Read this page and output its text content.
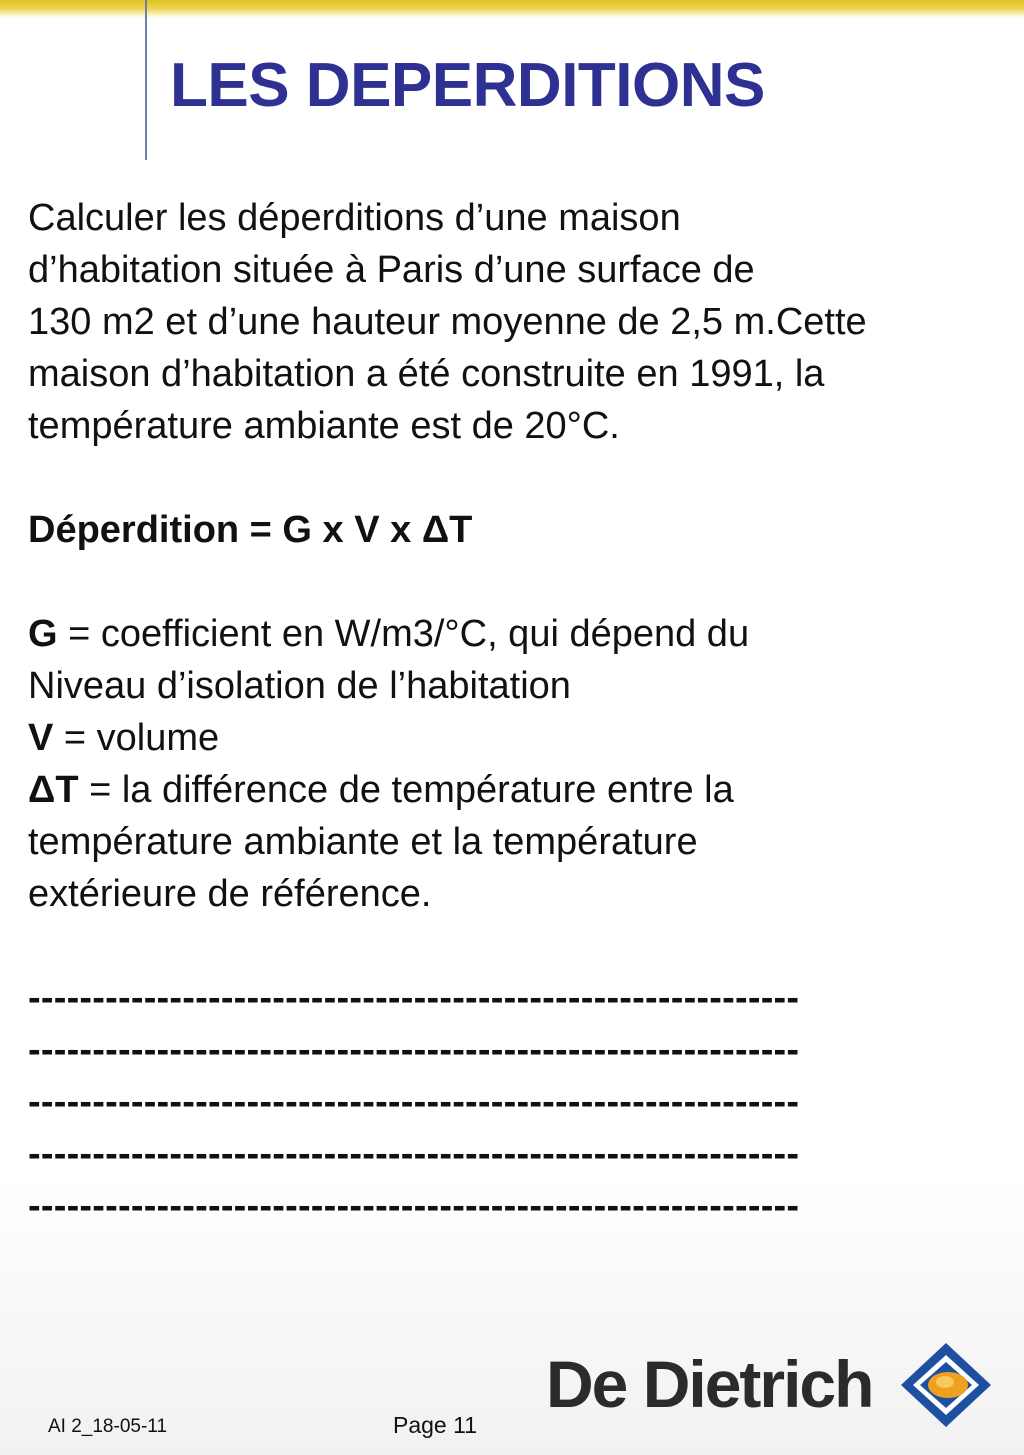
LES DEPERDITIONS

Calculer les déperditions d’une maison

d’habitation située à Paris d’une surface de

130 m2 et d’une hauteur moyenne de 2,5 m.Cette

maison d’habitation a été construite en 1991, la

température ambiante est de 20°C.

Déperdition = G x V x ΔT

G = coefficient en W/m3/°C, qui dépend du

Niveau d’isolation de l’habitation

V = volume

ΔT = la différence de température entre la

température ambiante et la température

extérieure de référence.

------------------------------------------------------------

------------------------------------------------------------

------------------------------------------------------------

------------------------------------------------------------

------------------------------------------------------------

AI 2_18-05-11	Page 11
De Dietrich
